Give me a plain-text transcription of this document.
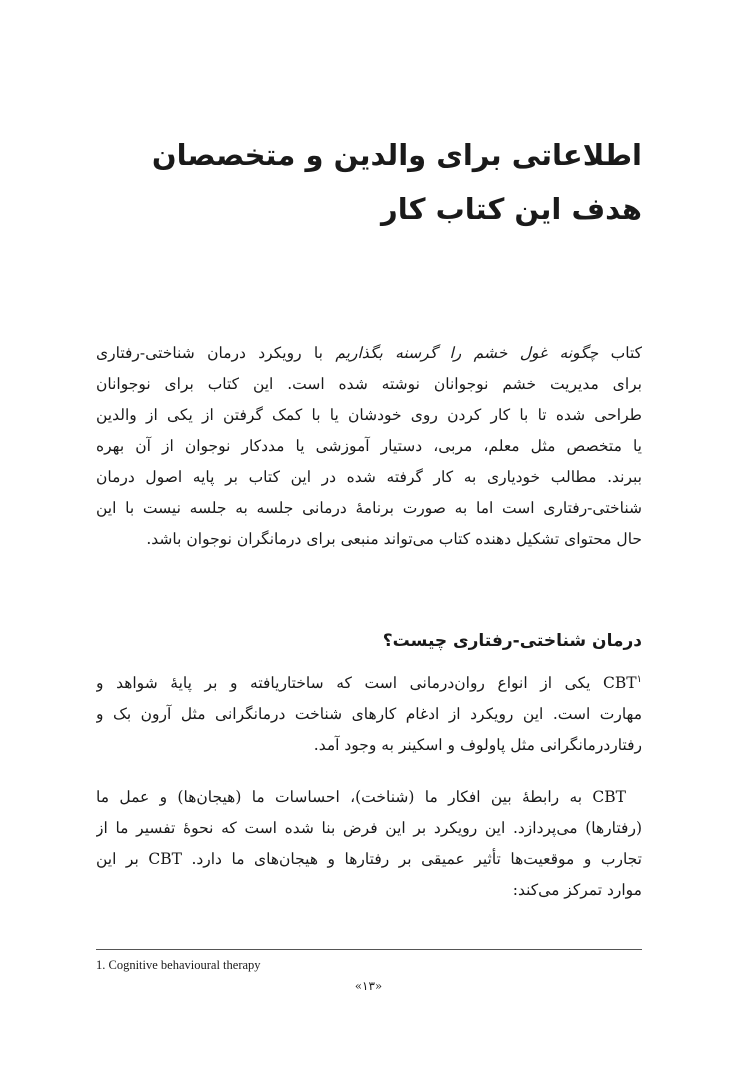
اطلاعاتی برای والدین و متخصصان
هدف این کتاب کار
کتاب چگونه غول خشم را گرسنه بگذاریم با رویکرد درمان شناختی-رفتاری
برای مدیریت خشم نوجوانان نوشته شده است. این کتاب برای نوجوانان
طراحی شده تا با کار کردن روی خودشان یا با کمک گرفتن از یکی از والدین
یا متخصص مثل معلم، مربی، دستیار آموزشی یا مددکار نوجوان از آن بهره
ببرند. مطالب خودیاری به کار گرفته شده در این کتاب بر پایه اصول درمان
شناختی-رفتاری است اما به صورت برنامهٔ درمانی جلسه به جلسه نیست با این
حال محتوای تشکیل دهنده کتاب می‌تواند منبعی برای درمانگران نوجوان باشد.
درمان شناختی-رفتاری چیست؟
CBT$^۱$ یکی از انواع روان‌درمانی است که ساختاریافته و بر پایهٔ شواهد و
مهارت است. این رویکرد از ادغام کارهای شناخت درمانگرانی مثل آرون بک و
رفتاردرمانگرانی مثل پاولوف و اسکینر به وجود آمد.
CBT به رابطهٔ بین افکار ما (شناخت)، احساسات ما (هیجان‌ها) و عمل ما
(رفتارها) می‌پردازد. این رویکرد بر این فرض بنا شده است که نحوهٔ تفسیر ما از
تجارب و موقعیت‌ها تأثیر عمیقی بر رفتارها و هیجان‌های ما دارد. CBT بر این
موارد تمرکز می‌کند:
1. Cognitive behavioural therapy
«۱۳»
